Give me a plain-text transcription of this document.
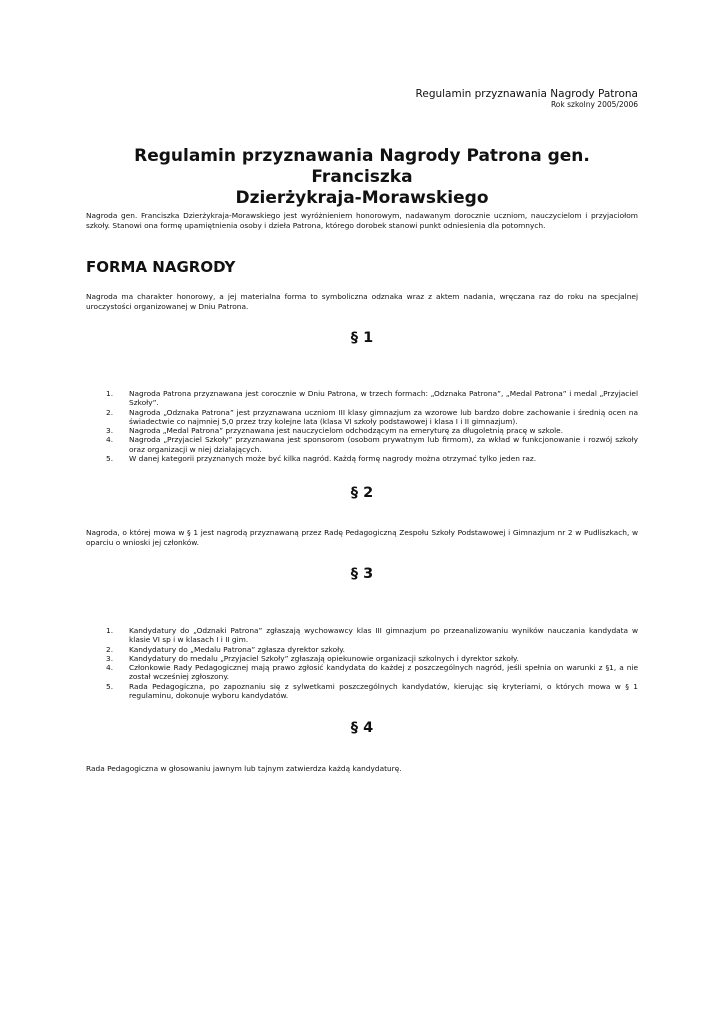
Regulamin przyznawania Nagrody Patrona
Rok szkolny 2005/2006
Regulamin przyznawania Nagrody Patrona gen. Franciszka
Dzierżykraja-Morawskiego
Nagroda gen. Franciszka Dzierżykraja-Morawskiego jest wyróżnieniem honorowym, nadawanym dorocznie uczniom, nauczycielom i przyjaciołom szkoły. Stanowi ona formę upamiętnienia osoby i dzieła Patrona, którego dorobek stanowi punkt odniesienia dla potomnych.
FORMA NAGRODY
Nagroda ma charakter honorowy, a jej materialna forma to symboliczna odznaka wraz z aktem nadania, wręczana raz do roku na specjalnej uroczystości organizowanej w Dniu Patrona.
§ 1
1. Nagroda Patrona przyznawana jest corocznie w Dniu Patrona, w trzech formach: „Odznaka Patrona”, „Medal Patrona” i medal „Przyjaciel Szkoły”.
2. Nagroda „Odznaka Patrona” jest przyznawana uczniom III klasy gimnazjum za wzorowe lub bardzo dobre zachowanie i średnią ocen na świadectwie co najmniej 5,0 przez trzy kolejne lata (klasa VI szkoły podstawowej i klasa I i II gimnazjum).
3. Nagroda „Medal Patrona” przyznawana jest nauczycielom odchodzącym na emeryturę za długoletnią pracę w szkole.
4. Nagroda „Przyjaciel Szkoły” przyznawana jest sponsorom (osobom prywatnym lub firmom), za wkład w funkcjonowanie i rozwój szkoły oraz organizacji w niej działających.
5. W danej kategorii przyznanych może być kilka nagród. Każdą formę nagrody można otrzymać tylko jeden raz.
§ 2
Nagroda, o której mowa w § 1 jest nagrodą przyznawaną przez Radę Pedagogiczną Zespołu Szkoły Podstawowej i Gimnazjum nr 2 w Pudliszkach, w oparciu o wnioski jej członków.
§ 3
1. Kandydatury do „Odznaki Patrona” zgłaszają wychowawcy klas III gimnazjum po przeanalizowaniu wyników nauczania kandydata w klasie VI sp i w klasach I i II gim.
2. Kandydatury do „Medalu Patrona” zgłasza dyrektor szkoły.
3. Kandydatury do medalu „Przyjaciel Szkoły” zgłaszają opiekunowie organizacji szkolnych i dyrektor szkoły.
4. Członkowie Rady Pedagogicznej mają prawo zgłosić kandydata do każdej z poszczególnych nagród, jeśli spełnia on warunki z §1, a nie został wcześniej zgłoszony.
5. Rada Pedagogiczna, po zapoznaniu się z sylwetkami poszczególnych kandydatów, kierując się kryteriami, o których mowa w § 1 regulaminu, dokonuje wyboru kandydatów.
§ 4
Rada Pedagogiczna w głosowaniu jawnym lub tajnym zatwierdza każdą kandydaturę.
